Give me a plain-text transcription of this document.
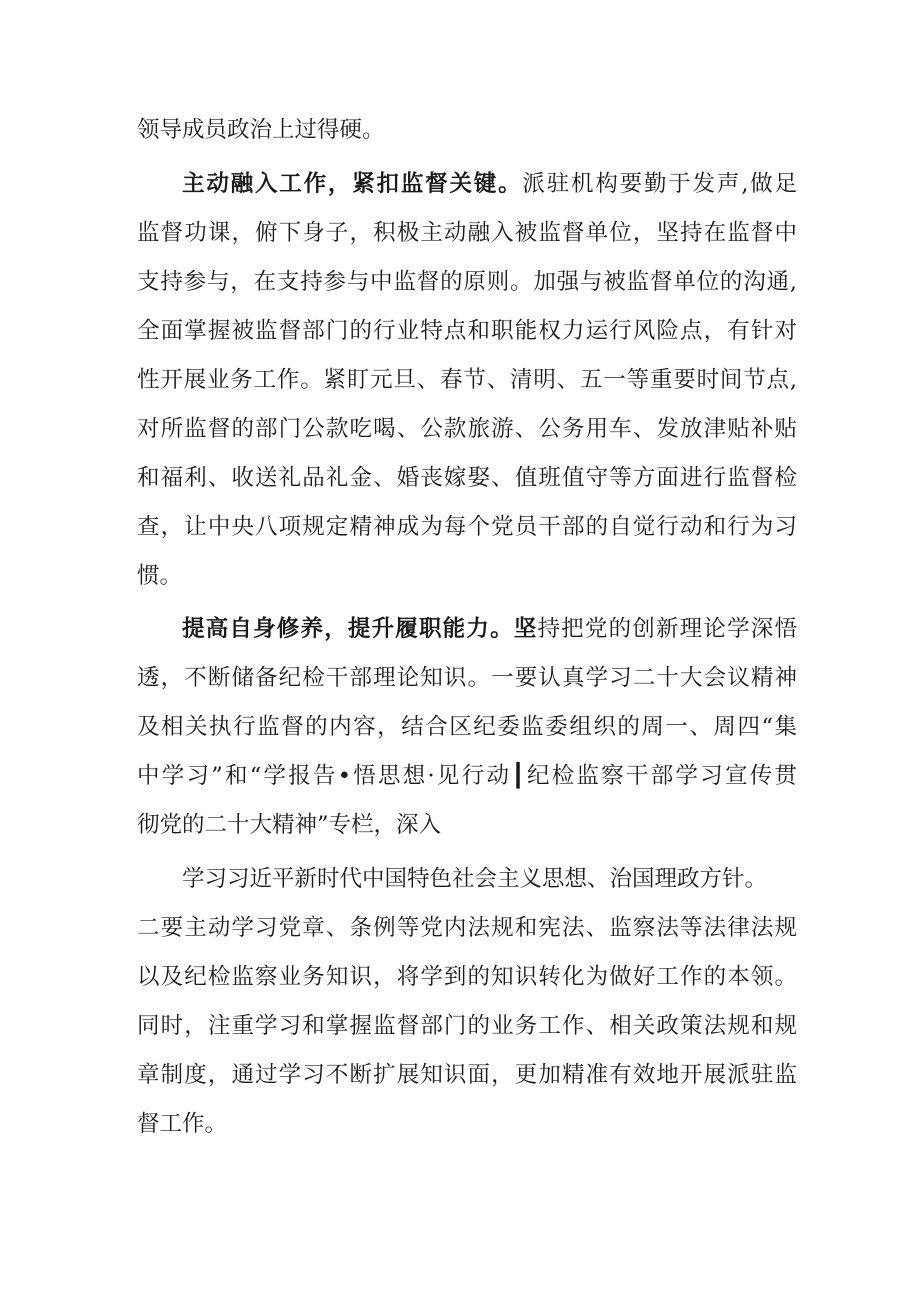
领导成员政治上过得硬。
主动融入工作，紧扣监督关键。派驻机构要勤于发声,做足
监督功课，俯下身子，积极主动融入被监督单位，坚持在监督中
支持参与，在支持参与中监督的原则。加强与被监督单位的沟通,
全面掌握被监督部门的行业特点和职能权力运行风险点，有针对
性开展业务工作。紧盯元旦、春节、清明、五一等重要时间节点,
对所监督的部门公款吃喝、公款旅游、公务用车、发放津贴补贴
和福利、收送礼品礼金、婚丧嫁娶、值班值守等方面进行监督检
查，让中央八项规定精神成为每个党员干部的自觉行动和行为习
惯。
提高自身修养，提升履职能力。坚持把党的创新理论学深悟
透，不断储备纪检干部理论知识。一要认真学习二十大会议精神
及相关执行监督的内容，结合区纪委监委组织的周一、周四“集
中学习”和“学报告•悟思想·见行动┃纪检监察干部学习宣传贯
彻党的二十大精神”专栏，深入
学习习近平新时代中国特色社会主义思想、治国理政方针。
二要主动学习党章、条例等党内法规和宪法、监察法等法律法规
以及纪检监察业务知识，将学到的知识转化为做好工作的本领。
同时，注重学习和掌握监督部门的业务工作、相关政策法规和规
章制度，通过学习不断扩展知识面，更加精准有效地开展派驻监
督工作。
